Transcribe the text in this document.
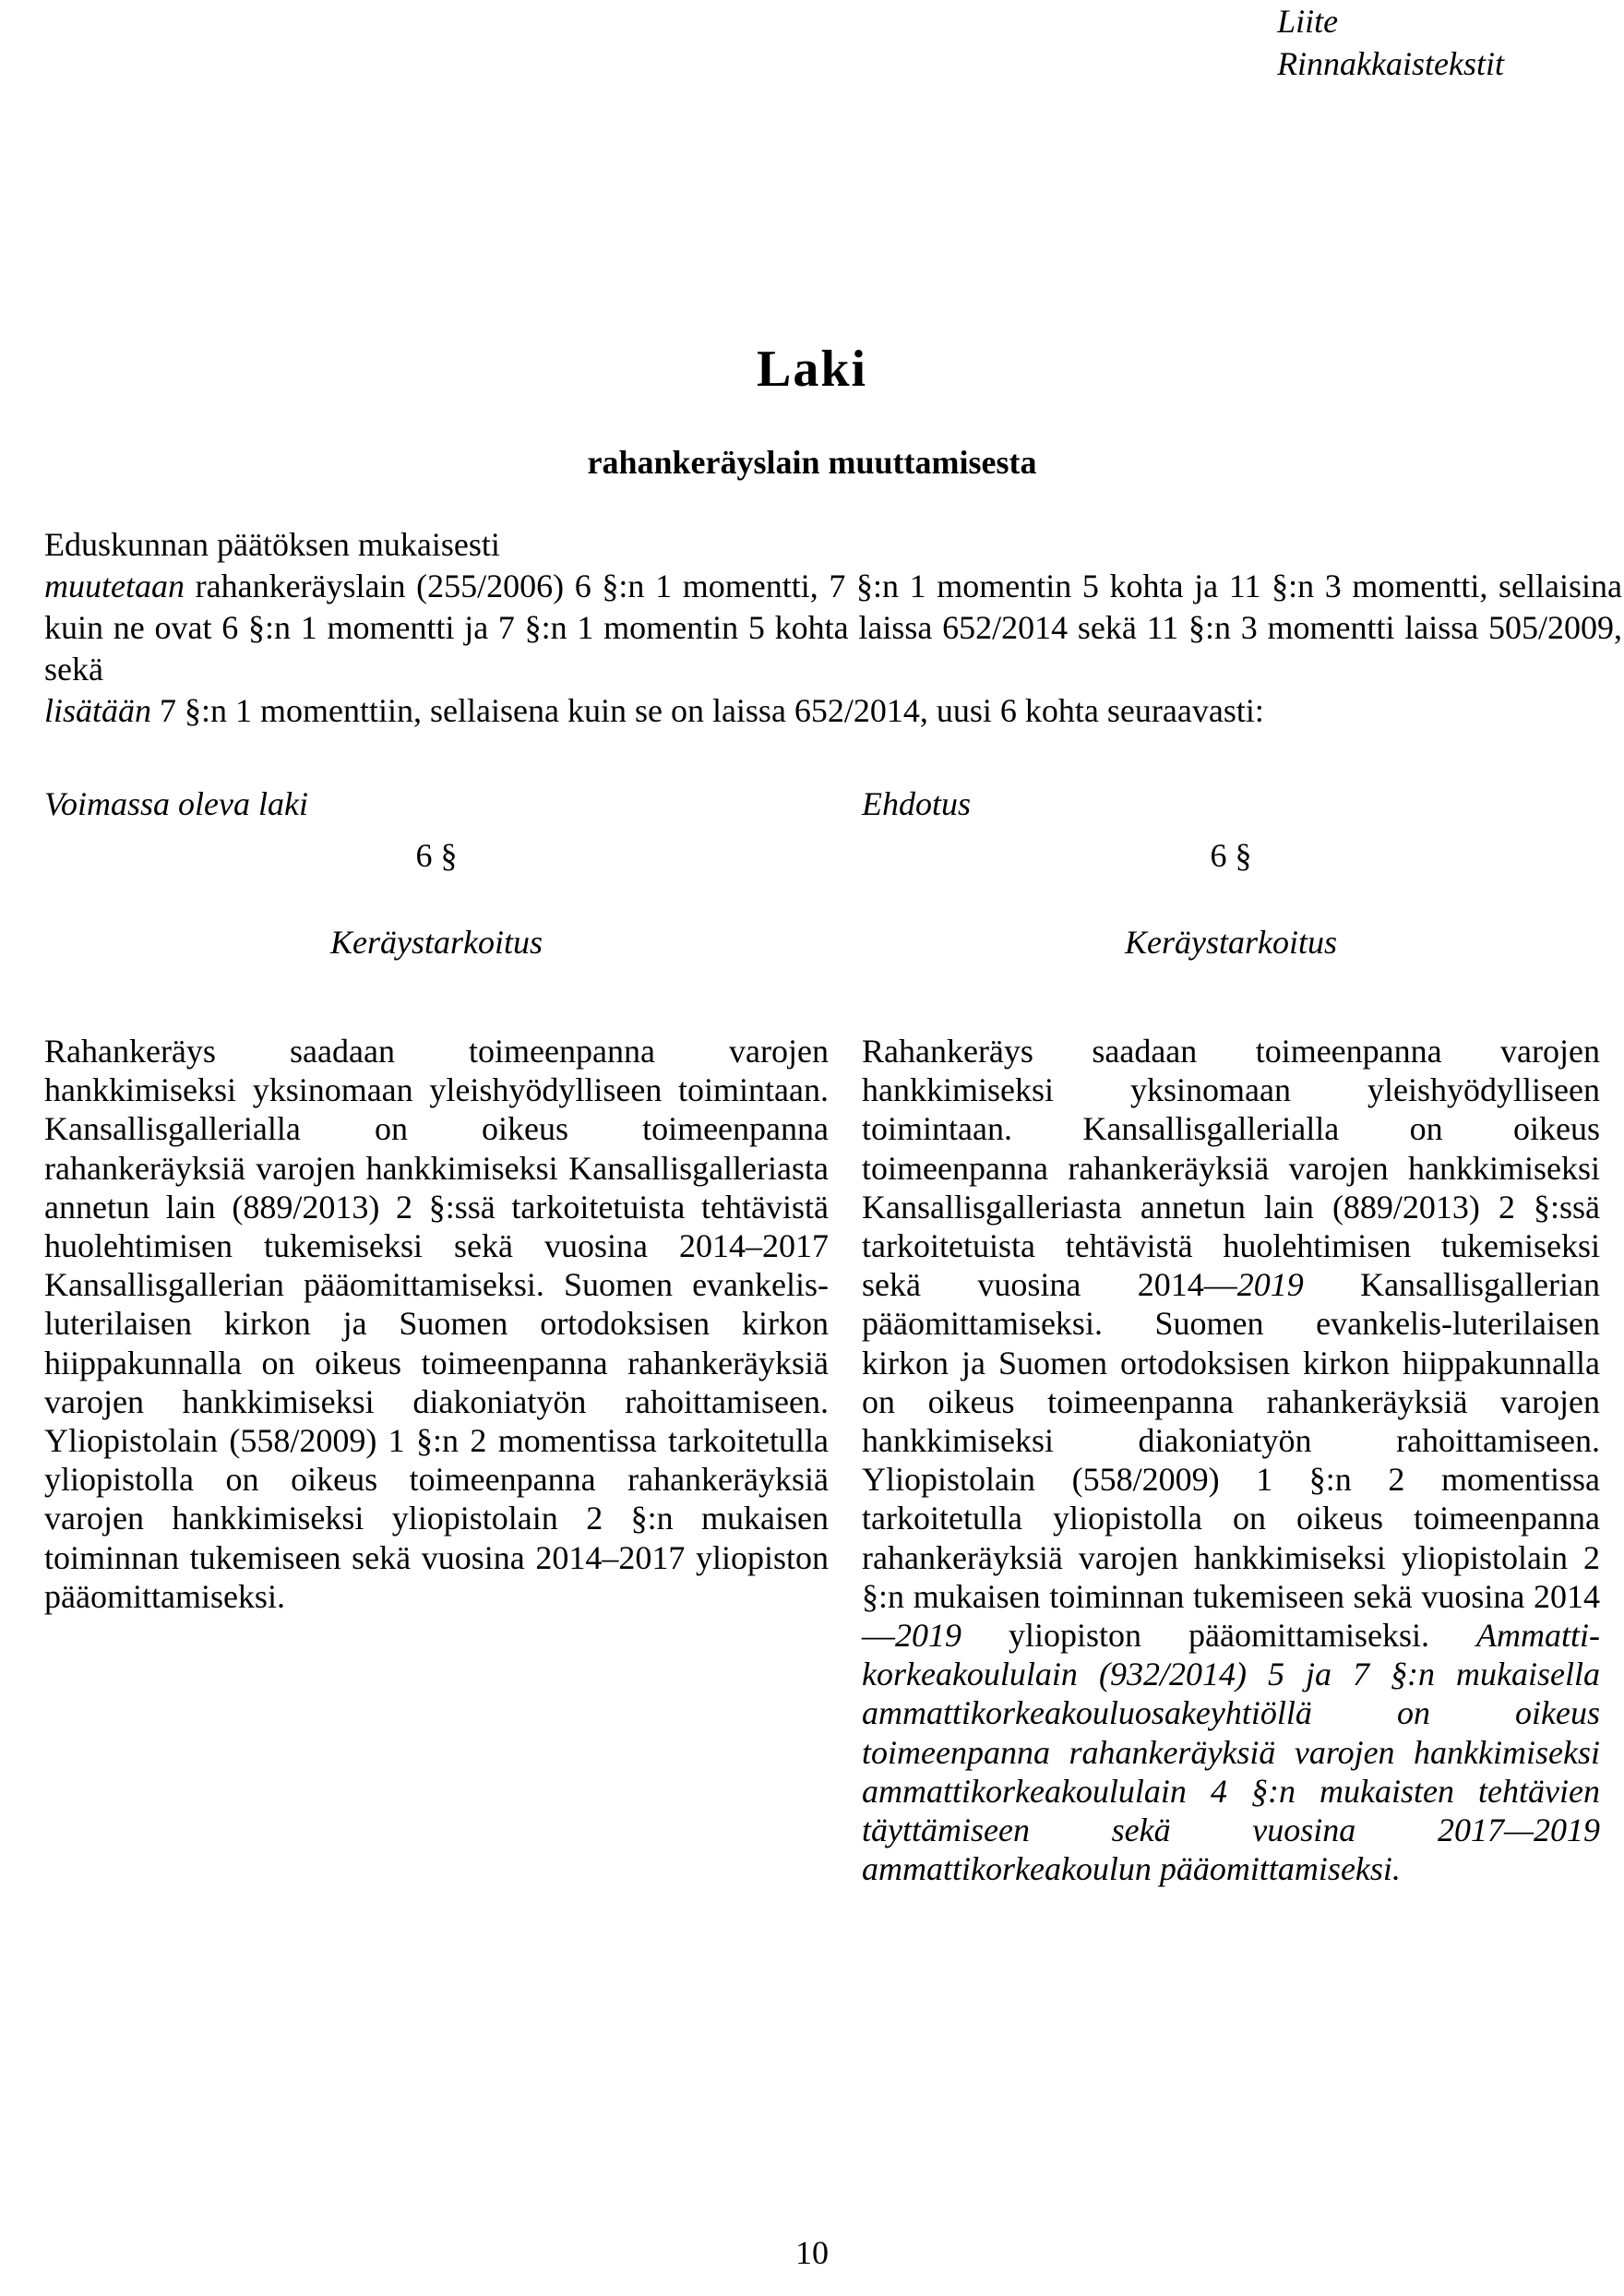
Liite
Rinnakkaistekstit
Laki
rahankeräyslain muuttamisesta

Eduskunnan päätöksen mukaisesti

muutetaan rahankeräyslain (255/2006) 6 §:n 1 momentti, 7 §:n 1 momentin 5 kohta ja 11 §:n 3 momentti, sellaisina kuin ne ovat 6 §:n 1 momentti ja 7 §:n 1 momentin 5 kohta laissa 652/2014 sekä 11 §:n 3 momentti laissa 505/2009, sekä

lisätään 7 §:n 1 momenttiin, sellaisena kuin se on laissa 652/2014, uusi 6 kohta seuraavasti:

Voimassa oleva laki
6 §
Keräystarkoitus
Rahankeräys saadaan toimeenpanna varojen hankkimiseksi yksinomaan yleishyödylliseen toimintaan. Kansallisgallerialla on oikeus toimeenpanna rahankeräyksiä varojen hankkimiseksi Kansallisgalleriasta annetun lain (889/2013) 2 §:ssä tarkoitetuista tehtävistä huolehtimisen tukemiseksi sekä vuosina 2014–2017 Kansallisgallerian pääomittamiseksi. Suomen evankelis-luterilaisen kirkon ja Suomen ortodoksisen kirkon hiippakunnalla on oikeus toimeenpanna rahankeräyksiä varojen hankkimiseksi diakoniatyön rahoittamiseen. Yliopistolain (558/2009) 1 §:n 2 momentissa tarkoitetulla yliopistolla on oikeus toimeenpanna rahankeräyksiä varojen hankkimiseksi yliopistolain 2 §:n mukaisen toiminnan tukemiseen sekä vuosina 2014–2017 yliopiston pääomittamiseksi.
Ehdotus
6 §
Keräystarkoitus
Rahankeräys saadaan toimeenpanna varojen hankkimiseksi yksinomaan yleishyödylliseen toimintaan. Kansallisgallerialla on oikeus toimeenpanna rahankeräyksiä varojen hankkimiseksi Kansallisgalleriasta annetun lain (889/2013) 2 §:ssä tarkoitetuista tehtävistä huolehtimisen tukemiseksi sekä vuosina 2014—2019 Kansallisgallerian pääomittamiseksi. Suomen evankelis-luterilaisen kirkon ja Suomen ortodoksisen kirkon hiippakunnalla on oikeus toimeenpanna rahankeräyksiä varojen hankkimiseksi diakoniatyön rahoittamiseen. Yliopistolain (558/2009) 1 §:n 2 momentissa tarkoitetulla yliopistolla on oikeus toimeenpanna rahankeräyksiä varojen hankkimiseksi yliopistolain 2 §:n mukaisen toiminnan tukemiseen sekä vuosina 2014—2019 yliopiston pääomittamiseksi. Ammattikorkeakoululain (932/2014) 5 ja 7 §:n mukaisella ammattikorkeakouluosakeyhtiöllä on oikeus toimeenpanna rahankeräyksiä varojen hankkimiseksi ammattikorkeakoululain 4 §:n mukaisten tehtävien täyttämiseen sekä vuosina 2017—2019 ammattikorkeakoulun pääomittamiseksi.
10
